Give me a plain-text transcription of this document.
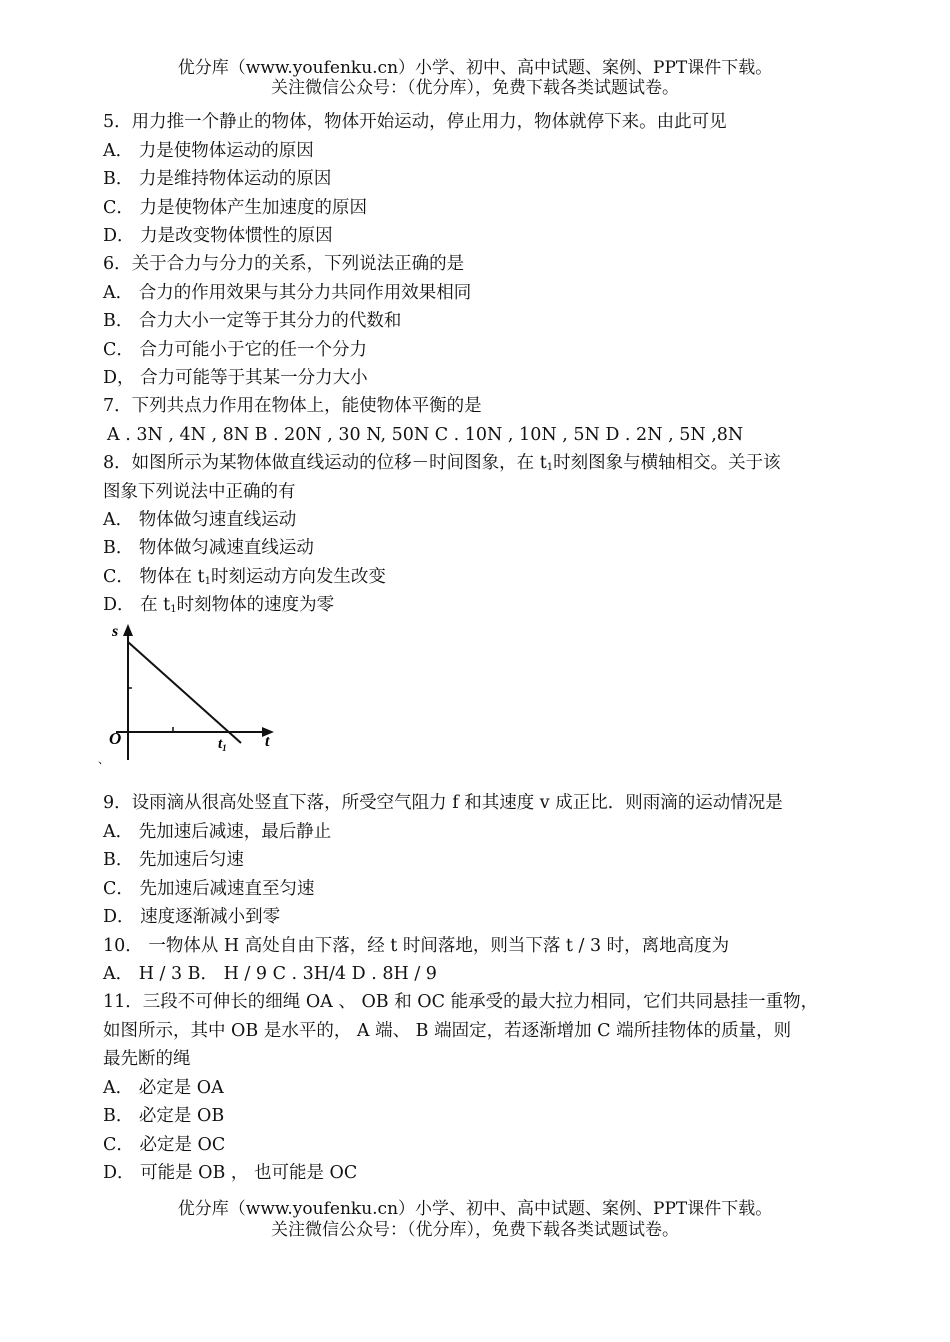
优分库（www.youfenku.cn）小学、初中、高中试题、案例、PPT课件下载。
关注微信公众号：（优分库），免费下载各类试题试卷。
5．用力推一个静止的物体，物体开始运动，停止用力，物体就停下来。由此可见
A． 力是使物体运动的原因
B． 力是维持物体运动的原因
C． 力是使物体产生加速度的原因
D． 力是改变物体惯性的原因
6．关于合力与分力的关系，下列说法正确的是
A． 合力的作用效果与其分力共同作用效果相同
B． 合力大小一定等于其分力的代数和
C． 合力可能小于它的任一个分力
D， 合力可能等于其某一分力大小
7．下列共点力作用在物体上，能使物体平衡的是
A . 3N , 4N , 8N B . 20N , 30 N, 50N C . 10N , 10N , 5N D . 2N , 5N ,8N
8．如图所示为某物体做直线运动的位移－时间图象，在 $t_1$时刻图象与横轴相交。关于该
图象下列说法中正确的有
A． 物体做匀速直线运动
B． 物体做匀减速直线运动
C． 物体在 $t_1$时刻运动方向发生改变
D． 在 $t_1$时刻物体的速度为零
s
O	$t_1$ t
、
9．设雨滴从很高处竖直下落，所受空气阻力 f 和其速度 v 成正比．则雨滴的运动情况是
A． 先加速后减速，最后静止
B． 先加速后匀速
C． 先加速后减速直至匀速
D． 速度逐渐减小到零
10． 一物体从 H 高处自由下落，经 t 时间落地，则当下落 t / 3 时，离地高度为
A． H / 3 B． H / 9 C . 3H/4 D . 8H / 9
11．三段不可伸长的细绳 OA 、 OB 和 OC 能承受的最大拉力相同，它们共同悬挂一重物，
如图所示，其中 OB 是水平的， A 端、 B 端固定，若逐渐增加 C 端所挂物体的质量，则
最先断的绳
A． 必定是 OA
B． 必定是 OB
C． 必定是 OC
D． 可能是 OB ， 也可能是 OC
优分库（www.youfenku.cn）小学、初中、高中试题、案例、PPT课件下载。
关注微信公众号：（优分库），免费下载各类试题试卷。
